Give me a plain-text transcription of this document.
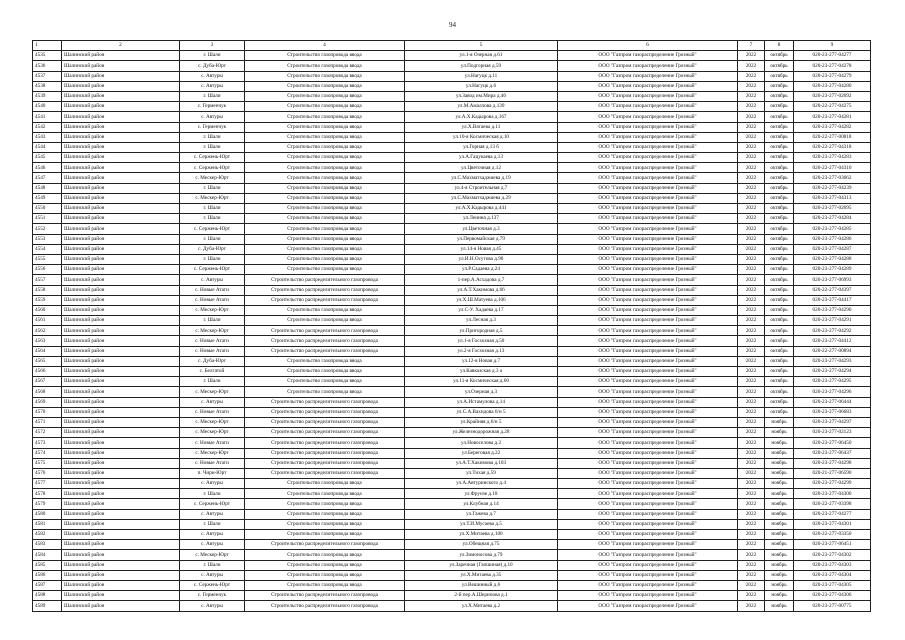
94
1	2	3	4	5	6	7	8	9
4535	Шалинский район	г. Шали	Строительство газопровода ввода	ул.1-я Озерная д.61	ООО "Газпром газораспределение Грозный"	2022	октябрь	020-23-277-04277
4536	Шалинский район	с. Дуба-Юрт	Строительство газопровода ввода	ул.Подгорная д.59	ООО "Газпром газораспределение Грозный"	2022	октябрь	020-23-277-04278
4537	Шалинский район	с. Автуры	Строительство газопровода ввода	ул.Нагуцк д.11	ООО "Газпром газораспределение Грозный"	2022	октябрь	020-23-277-04279
4538	Шалинский район	с. Автуры	Строительство газопровода ввода	ул.Нагуцк д.6	ООО "Газпром газораспределение Грозный"	2022	октябрь	020-23-277-04280
4539	Шалинский район	г. Шали	Строительство газопровода ввода	ул.Завод им.Мира д.46	ООО "Газпром газораспределение Грозный"	2022	октябрь	020-23-277-02692
4540	Шалинский район	с. Герменчук	Строительство газопровода ввода	ул.М.Амаллова д.139	ООО "Газпром газораспределение Грозный"	2022	октябрь	020-22-277-04275
4541	Шалинский район	с. Автуры	Строительство газопровода ввода	ул.А.Х.Кадырова д.167	ООО "Газпром газораспределение Грозный"	2022	октябрь	020-23-277-04281
4542	Шалинский район	с. Герменчук	Строительство газопровода ввода	ул.Х.Ватаева д.11	ООО "Газпром газораспределение Грозный"	2022	октябрь	020-23-277-04282
4543	Шалинский район	г. Шали	Строительство газопровода ввода	ул.10-я Космическая д.10	ООО "Газпром газораспределение Грозный"	2022	октябрь	020-22-277-00818
4544	Шалинский район	г. Шали	Строительство газопровода ввода	ул.Горная д.13 б	ООО "Газпром газораспределение Грозный"	2022	октябрь	020-22-277-04318
4545	Шалинский район	с. Сержень-Юрт	Строительство газопровода ввода	ул.А.Гацукаева д.13	ООО "Газпром газораспределение Грозный"	2022	октябрь	020-23-277-04283
4546	Шалинский район	с. Сержень-Юрт	Строительство газопровода ввода	ул.Цветочная д.12	ООО "Газпром газораспределение Грозный"	2022	октябрь	020-22-277-04310
4547	Шалинский район	с. Мескер-Юрт	Строительство газопровода ввода	ул.С.Махматхаджиева д.19	ООО "Газпром газораспределение Грозный"	2022	октябрь	020-23-277-03662
4548	Шалинский район	г. Шали	Строительство газопровода ввода	ул.4-я Строительная д.7	ООО "Газпром газораспределение Грозный"	2022	октябрь	020-22-277-04239
4549	Шалинский район	с. Мескер-Юрт	Строительство газопровода ввода	ул.С.Махматхаджиева д.29	ООО "Газпром газораспределение Грозный"	2022	октябрь	020-23-277-04313
4550	Шалинский район	г. Шали	Строительство газопровода ввода	ул.А.Х.Кадырова д.441	ООО "Газпром газораспределение Грозный"	2022	октябрь	020-23-277-02695
4551	Шалинский район	г. Шали	Строительство газопровода ввода	ул.Ленина д.137	ООО "Газпром газораспределение Грозный"	2022	октябрь	020-23-277-04284
4552	Шалинский район	с. Сержень-Юрт	Строительство газопровода ввода	ул.Цветочная д.3	ООО "Газпром газораспределение Грозный"	2022	октябрь	020-23-277-04285
4553	Шалинский район	г. Шали	Строительство газопровода ввода	ул.Первомайская д.79	ООО "Газпром газораспределение Грозный"	2022	октябрь	020-23-277-04286
4554	Шалинский район	с. Дуба-Юрт	Строительство газопровода ввода	ул.14-я Новая д.45	ООО "Газпром газораспределение Грозный"	2022	октябрь	020-23-277-04287
4555	Шалинский район	г. Шали	Строительство газопровода ввода	ул.И.Н.Осутова д.90	ООО "Газпром газораспределение Грозный"	2022	октябрь	020-23-277-04288
4556	Шалинский район	с. Сержень-Юрт	Строительство газопровода ввода	ул.Р.Садаева д.24	ООО "Газпром газораспределение Грозный"	2022	октябрь	020-23-277-04289
4557	Шалинский район	с. Автуры	Строительство распределительного газопровода	1-пер.А.Асхадова д.7	ООО "Газпром газораспределение Грозный"	2022	октябрь	020-23-277-06993
4558	Шалинский район	с. Новые Атаги	Строительство распределительного газопровода	ул.А.Т.Хакимова д.66	ООО "Газпром газораспределение Грозный"	2022	октябрь	020-22-277-04397
4559	Шалинский район	с. Новые Атаги	Строительство распределительного газопровода	ул.Х.Ш.Матуева д.106	ООО "Газпром газораспределение Грозный"	2022	октябрь	020-23-277-04417
4560	Шалинский район	с. Мескер-Юрт	Строительство газопровода ввода	ул.С-У. Хадаева д.17	ООО "Газпром газораспределение Грозный"	2022	октябрь	020-23-277-04290
4561	Шалинский район	г. Шали	Строительство газопровода ввода	ул.Лесная д.3	ООО "Газпром газораспределение Грозный"	2022	октябрь	020-23-277-04291
4562	Шалинский район	с. Мескер-Юрт	Строительство распределительного газопровода	ул.Пригородная д.5	ООО "Газпром газораспределение Грозный"	2022	октябрь	020-23-277-04292
4563	Шалинский район	с. Новые Атаги	Строительство распределительного газопровода	ул.1-я Госхозная д.50	ООО "Газпром газораспределение Грозный"	2022	октябрь	020-23-277-04412
4564	Шалинский район	с. Новые Атаги	Строительство распределительного газопровода	ул.2-я Госхозная д.13	ООО "Газпром газораспределение Грозный"	2022	октябрь	020-22-277-00894
4565	Шалинский район	с. Дуба-Юрт	Строительство газопровода ввода	ул.12-я Новая д.7	ООО "Газпром газораспределение Грозный"	2022	октябрь	020-23-277-04293
4566	Шалинский район	с. Белгатой	Строительство газопровода ввода	ул.Кавказская д.3 а	ООО "Газпром газораспределение Грозный"	2022	октябрь	020-23-277-04294
4567	Шалинский район	г. Шали	Строительство газопровода ввода	ул.11-я Космическая д.60	ООО "Газпром газораспределение Грозный"	2022	октябрь	020-23-277-04295
4568	Шалинский район	с. Мескер-Юрт	Строительство газопровода ввода	ул.Озерная д.3	ООО "Газпром газораспределение Грозный"	2022	октябрь	020-23-277-04296
4569	Шалинский район	с. Автуры	Строительство распределительного газопровода	ул.А.Истамулова д.14	ООО "Газпром газораспределение Грозный"	2022	октябрь	020-23-277-06444
4570	Шалинский район	с. Новые Атаги	Строительство распределительного газопровода	ул.С.А.Вахидова 6/н 5	ООО "Газпром газораспределение Грозный"	2022	октябрь	020-23-277-06683
4571	Шалинский район	с. Мескер-Юрт	Строительство распределительного газопровода	ул.Крайняя д.6/н 5	ООО "Газпром газораспределение Грозный"	2022	ноябрь	020-23-277-04297
4572	Шалинский район	с. Мескер-Юрт	Строительство распределительного газопровода	ул.Железнодорожная д.28	ООО "Газпром газораспределение Грозный"	2022	ноябрь	020-23-277-02123
4573	Шалинский район	с. Новые Атаги	Строительство распределительного газопровода	ул.Новоселова д.2	ООО "Газпром газораспределение Грозный"	2022	ноябрь	020-23-277-06450
4574	Шалинский район	с. Мескер-Юрт	Строительство распределительного газопровода	ул.Береговая д.22	ООО "Газпром газораспределение Грозный"	2022	ноябрь	020-23-277-06437
4575	Шалинский район	с. Новые Атаги	Строительство распределительного газопровода	ул.А.Т.Хакимова д.103	ООО "Газпром газораспределение Грозный"	2022	ноябрь	020-23-277-04298
4576	Шалинский район	п. Чири-Юрт	Строительство распределительного газопровода	ул.Тихая д.59	ООО "Газпром газораспределение Грозный"	2022	ноябрь	020-21-277-06590
4577	Шалинский район	с. Автуры	Строительство газопровода ввода	ул.А.Автуринского д.4	ООО "Газпром газораспределение Грозный"	2022	ноябрь	020-23-277-04299
4578	Шалинский район	г. Шали	Строительство газопровода ввода	ул.Фрунзе д.18	ООО "Газпром газораспределение Грозный"	2022	ноябрь	020-23-277-04300
4579	Шалинский район	с. Сержень-Юрт	Строительство газопровода ввода	ул.Клубная д.14	ООО "Газпром газораспределение Грозный"	2022	ноябрь	020-22-277-03398
4580	Шалинский район	с. Автуры	Строительство газопровода ввода	ул.Гажева д.7	ООО "Газпром газораспределение Грозный"	2022	ноябрь	020-23-277-04277
4581	Шалинский район	г. Шали	Строительство газопровода ввода	ул.Т.И.Мусаева д.5	ООО "Газпром газораспределение Грозный"	2022	ноябрь	020-23-277-04301
4582	Шалинский район	с. Автуры	Строительство газопровода ввода	ул.Х.Митаева д.100	ООО "Газпром газораспределение Грозный"	2022	ноябрь	020-22-277-03350
4583	Шалинский район	с. Автуры	Строительство распределительного газопровода	ул.Обещная д.75	ООО "Газпром газораспределение Грозный"	2022	ноябрь	020-23-277-06451
4584	Шалинский район	с. Мескер-Юрт	Строительство газопровода ввода	ул.Зимоносова д.79	ООО "Газпром газораспределение Грозный"	2022	ноябрь	020-23-277-04302
4585	Шалинский район	г. Шали	Строительство газопровода ввода	ул.Заречная (Гапшиная) д.10	ООО "Газпром газораспределение Грозный"	2022	ноябрь	020-23-277-04303
4586	Шалинский район	с. Автуры	Строительство газопровода ввода	ул.Х.Митаева д.35	ООО "Газпром газораспределение Грозный"	2022	ноябрь	020-23-277-04304
4587	Шалинский район	с. Сержень-Юрт	Строительство газопровода ввода	ул.Вешинный д.6	ООО "Газпром газораспределение Грозный"	2022	ноябрь	020-23-277-04305
4588	Шалинский район	с. Герменчук	Строительство распределительного газопровода	2-й пер.А.Шерипова д.1	ООО "Газпром газораспределение Грозный"	2022	ноябрь	020-23-277-04306
4589	Шалинский район	с. Автуры	Строительство распределительного газопровода	ул.Х.Митаева д.2	ООО "Газпром газораспределение Грозный"	2022	ноябрь	020-23-277-00775
